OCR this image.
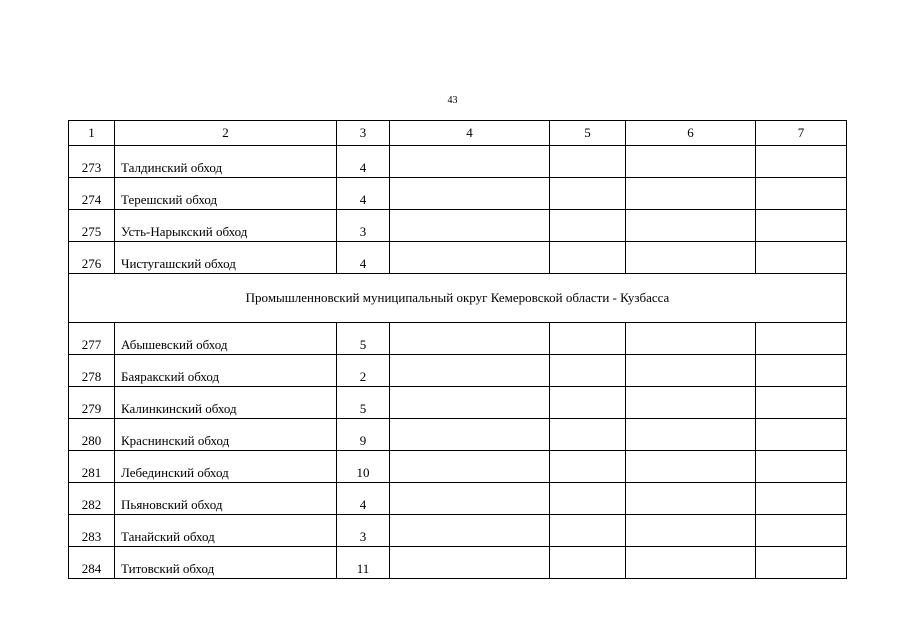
43
1	2	3	4	5	6	7
273	Талдинский обход	4				
274	Терешский обход	4				
275	Усть-Нарыкский обход	3				
276	Чистугашский обход	4				
Промышленновский муниципальный округ Кемеровской области - Кузбасса						
277	Абышевский обход	5				
278	Баяракский обход	2				
279	Калинкинский обход	5				
280	Краснинский обход	9				
281	Лебединский обход	10				
282	Пьяновский обход	4				
283	Танайский обход	3				
284	Титовский обход	11				
